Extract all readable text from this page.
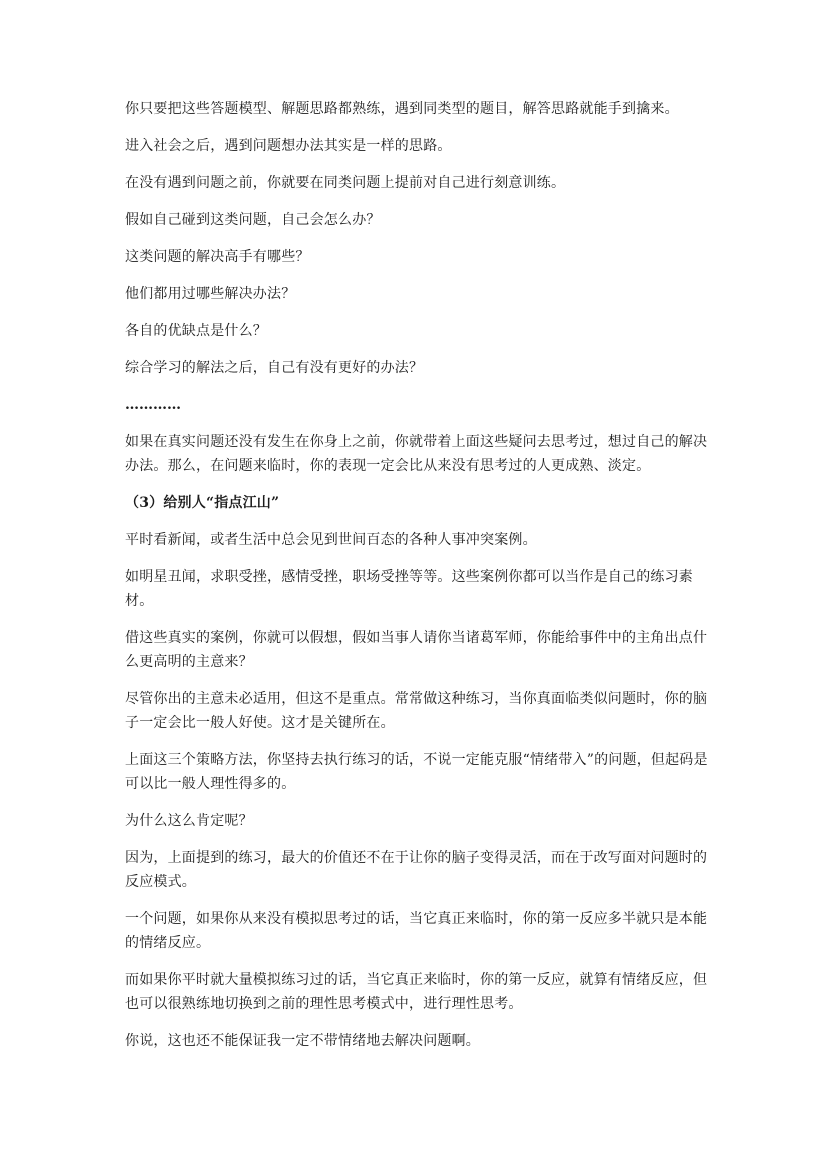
你只要把这些答题模型、解题思路都熟练，遇到同类型的题目，解答思路就能手到擒来。

进入社会之后，遇到问题想办法其实是一样的思路。

在没有遇到问题之前，你就要在同类问题上提前对自己进行刻意训练。

假如自己碰到这类问题，自己会怎么办？

这类问题的解决高手有哪些？

他们都用过哪些解决办法？

各自的优缺点是什么？

综合学习的解法之后，自己有没有更好的办法？

…………

如果在真实问题还没有发生在你身上之前，你就带着上面这些疑问去思考过，想过自己的解决办法。那么，在问题来临时，你的表现一定会比从来没有思考过的人更成熟、淡定。

（3）给别人“指点江山”

平时看新闻，或者生活中总会见到世间百态的各种人事冲突案例。

如明星丑闻，求职受挫，感情受挫，职场受挫等等。这些案例你都可以当作是自己的练习素材。

借这些真实的案例，你就可以假想，假如当事人请你当诸葛军师，你能给事件中的主角出点什么更高明的主意来？

尽管你出的主意未必适用，但这不是重点。常常做这种练习，当你真面临类似问题时，你的脑子一定会比一般人好使。这才是关键所在。

上面这三个策略方法，你坚持去执行练习的话，不说一定能克服“情绪带入”的问题，但起码是可以比一般人理性得多的。

为什么这么肯定呢？

因为，上面提到的练习，最大的价值还不在于让你的脑子变得灵活，而在于改写面对问题时的反应模式。

一个问题，如果你从来没有模拟思考过的话，当它真正来临时，你的第一反应多半就只是本能的情绪反应。

而如果你平时就大量模拟练习过的话，当它真正来临时，你的第一反应，就算有情绪反应，但也可以很熟练地切换到之前的理性思考模式中，进行理性思考。

你说，这也还不能保证我一定不带情绪地去解决问题啊。
